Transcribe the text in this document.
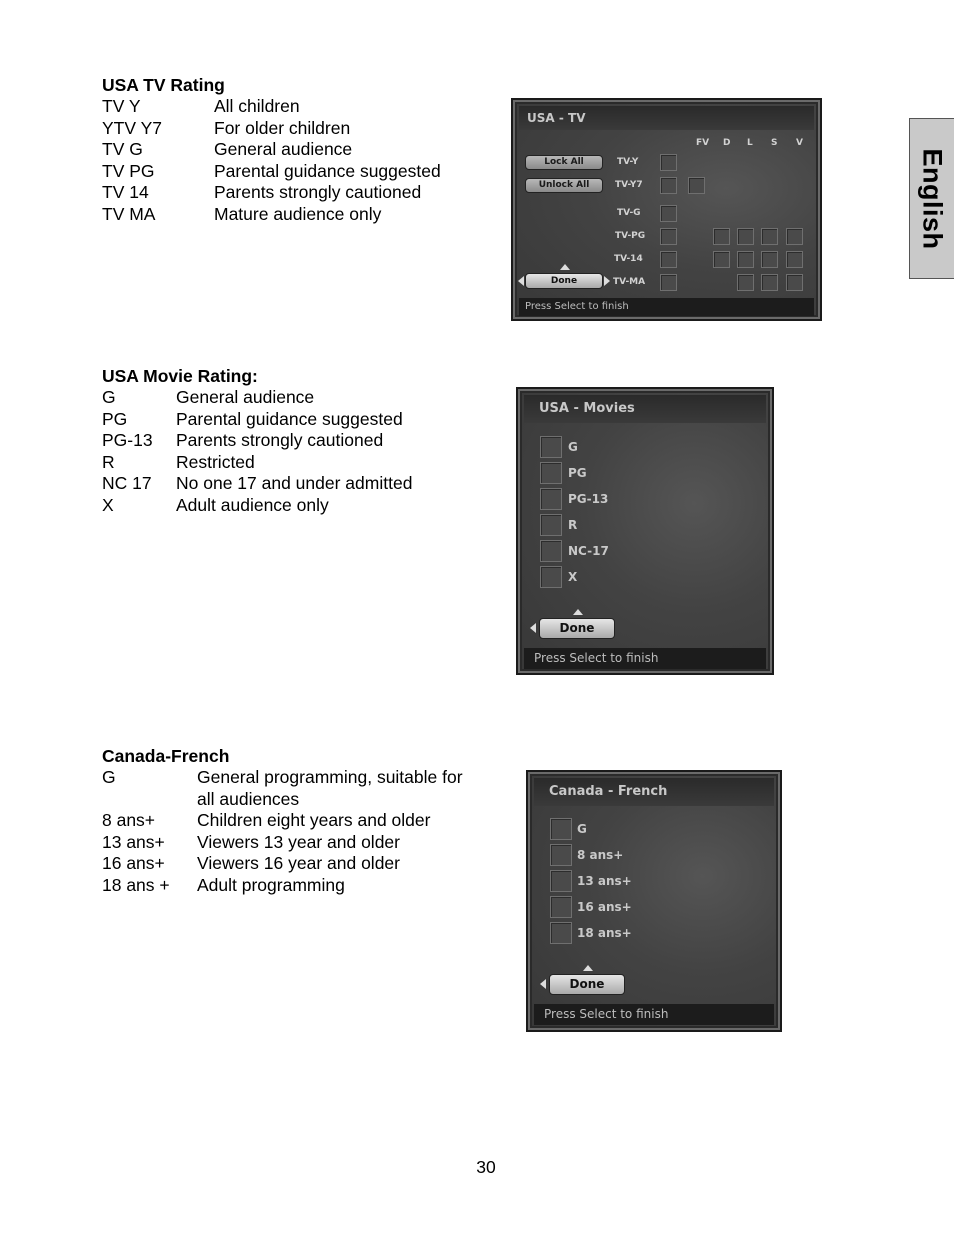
English
USA TV Rating
TV Y	All children
YTV Y7	For older children
TV G	General audience
TV PG	Parental guidance suggested
TV 14	Parents strongly cautioned
TV MA	Mature audience only
USA - TV
FV D L S V
Lock All
Unlock All
TV-Y
TV-Y7
TV-G
TV-PG
TV-14
TV-MA
Done
Press Select to finish
USA Movie Rating:
G	General audience
PG	Parental guidance suggested
PG-13 Parents strongly cautioned
R	Restricted
NC 17 No one 17 and under admitted
X	Adult audience only
USA - Movies
G
PG
PG-13
R
NC-17
X
Done
Press Select to finish
Canada-French
G	General programming, suitable for
all audiences
8 ans+ Children eight years and older
13 ans+ Viewers 13 year and older
16 ans+ Viewers 16 year and older
18 ans + Adult programming
Canada - French
G
8 ans+
13 ans+
16 ans+
18 ans+
Done
Press Select to finish
30
